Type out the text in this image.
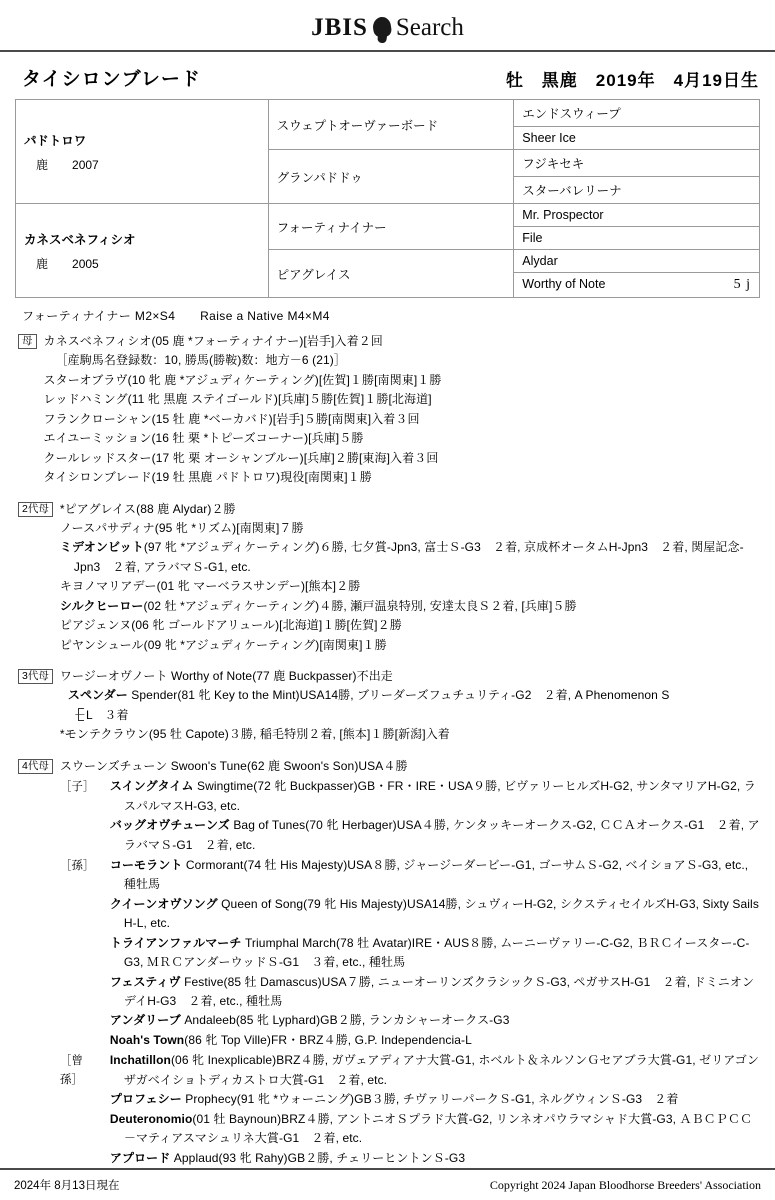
JBIS Search
タイシロンブレード	牡　黒鹿　2019年　4月19日生
パドトロワ
鹿 2007	スウェプトオーヴァーボード	エンドスウィープ
		Sheer Ice
	グランパドドゥ	フジキセキ
		スターバレリーナ
カネスベネフィシオ
鹿 2005	フォーティナイナー	Mr. Prospector
		File
	ピアグレイス	Alydar
		Worthy of Note 5 j
フォーティナイナー M2×S4　　Raise a Native M4×M4
母 カネスベネフィシオ(05 鹿 *フォーティナイナー)[岩手]入着２回
［産駒馬名登録数：10, 勝馬(勝鞍)数：地方－6 (21)］
スターオブラヴ(10 牝 鹿 *アジュディケーティング)[佐賀]１勝[南関東]１勝
レッドハミング(11 牝 黒鹿 ステイゴールド)[兵庫]５勝[佐賀]１勝[北海道]
フランクローシャン(15 牡 鹿 *ベーカバド)[岩手]５勝[南関東]入着３回
エイユーミッション(16 牡 栗 *トピーズコーナー)[兵庫]５勝
クールレッドスター(17 牝 栗 オーシャンブルー)[兵庫]２勝[東海]入着３回
タイシロンブレード(19 牡 黒鹿 パドトロワ)現役[南関東]１勝
2代母 *ピアグレイス(88 鹿 Alydar)２勝
ノースパサディナ(95 牝 *リズム)[南関東]７勝
ミデオンビット(97 牝 *アジュディケーティング)６勝, 七夕賞-Jpn3, 富士Ｓ-G3　２着, 京成杯オータムH-Jpn3　２着, 関屋記念-Jpn3　２着, アラバマＳ-G1, etc.
キヨノマリアデー(01 牝 マーベラスサンデー)[熊本]２勝
シルクヒーロー(02 牡 *アジュディケーティング)４勝, 瀬戸温泉特別, 安達太良Ｓ２着, [兵庫]５勝
ピアジェンヌ(06 牝 ゴールドアリュール)[北海道]１勝[佐賀]２勝
ピヤンシュール(09 牝 *アジュディケーティング)[南関東]１勝
3代母 ワージーオヴノート Worthy of Note(77 鹿 Buckpasser)不出走
スペンダー Spender(81 牝 Key to the Mint)USA14勝, ブリーダーズフュチュリティ-G2　２着, A Phenomenon S
－L　３着
*モンテクラウン(95 牡 Capote)３勝, 稲毛特別２着, [熊本]１勝[新潟]入着
4代母 スウーンズチューン Swoon's Tune(62 鹿 Swoon's Son)USA４勝
［子］	スイングタイム Swingtime(72 牝 Buckpasser)GB・FR・IRE・USA９勝, ビヴァリーヒルズH-G2, サンタマリアH-G2, ラスパルマスH-G3, etc.
バッグオヴチューンズ Bag of Tunes(70 牝 Herbager)USA４勝, ケンタッキーオークス-G2, ＣＣＡオークス-G1　２着, アラバマＳ-G1　２着, etc.
［孫］	コーモラント Cormorant(74 牡 His Majesty)USA８勝, ジャージーダービー-G1, ゴーサムＳ-G2, ベイショアＳ-G3, etc., 種牡馬
クイーンオヴソング Queen of Song(79 牝 His Majesty)USA14勝, シュヴィーH-G2, シクスティセイルズH-G3, Sixty Sails H-L, etc.
トライアンファルマーチ Triumphal March(78 牡 Avatar)IRE・AUS８勝, ムーニーヴァリー-C-G2, ＢＲＣイースター-C-G3, ＭＲＣアンダーウッドＳ-G1　３着, etc., 種牡馬
フェスティヴ Festive(85 牡 Damascus)USA７勝, ニューオーリンズクラシックＳ-G3, ペガサスH-G1　２着, ドミニオンデイH-G3　２着, etc., 種牡馬
アンダリーブ Andaleeb(85 牝 Lyphard)GB２勝, ランカシャーオークス-G3
Noah's Town(86 牝 Top Ville)FR・BRZ４勝, G.P. Independencia-L
［曾孫］
Inchatillon(06 牝 Inexplicable)BRZ４勝, ガヴェアディアナ大賞-G1, ホベルト＆ネルソンＧセアブラ大賞-G1, ゼリアゴンザガベイショトディカストロ大賞-G1　２着, etc.
プロフェシー Prophecy(91 牝 *ウォーニング)GB３勝, チヴァリーパークＳ-G1, ネルグウィンＳ-G3　２着
Deuteronomio(01 牡 Baynoun)BRZ４勝, アントニオＳプラド大賞-G2, リンネオパウラマシャド大賞-G3, ＡＢＣＰＣＣ－マティアスマシュリネ大賞-G1　２着, etc.
アプロード Applaud(93 牝 Rahy)GB２勝, チェリーヒントンＳ-G3
2024年 8月13日現在	Copyright 2024 Japan Bloodhorse Breeders' Association
